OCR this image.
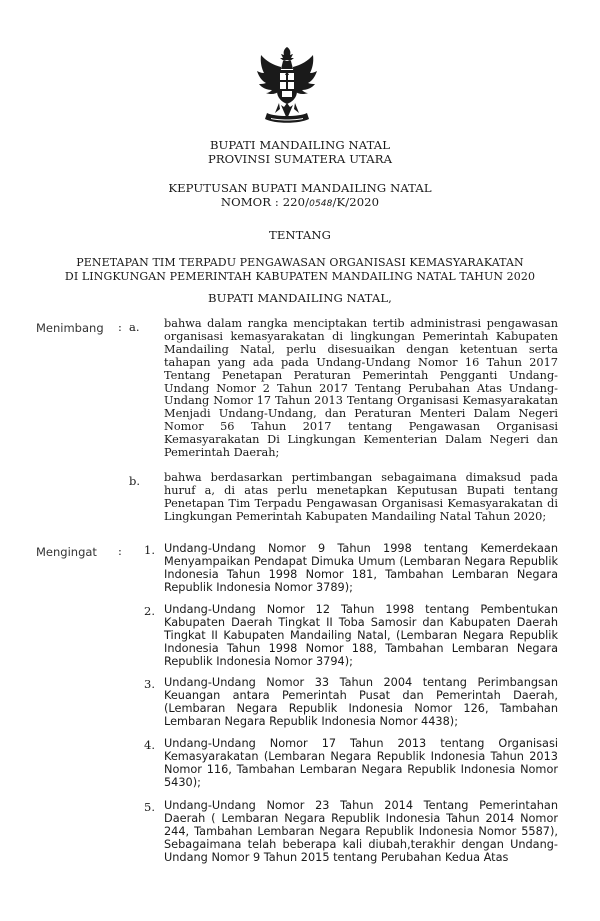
BUPATI MANDAILING NATAL
PROVINSI SUMATERA UTARA
KEPUTUSAN BUPATI MANDAILING NATAL
NOMOR : 220/0548/K/2020
TENTANG
PENETAPAN TIM TERPADU PENGAWASAN ORGANISASI KEMASYARAKATAN
DI LINGKUNGAN PEMERINTAH KABUPATEN MANDAILING NATAL TAHUN 2020
BUPATI MANDAILING NATAL,
Menimbang : a. bahwa dalam rangka menciptakan tertib administrasi pengawasan organisasi kemasyarakatan di lingkungan Pemerintah Kabupaten Mandailing Natal, perlu disesuaikan dengan ketentuan serta tahapan yang ada pada Undang-Undang Nomor 16 Tahun 2017 Tentang Penetapan Peraturan Pemerintah Pengganti Undang-Undang Nomor 2 Tahun 2017 Tentang Perubahan Atas Undang-Undang Nomor 17 Tahun 2013 Tentang Organisasi Kemasyarakatan Menjadi Undang-Undang, dan Peraturan Menteri Dalam Negeri Nomor 56 Tahun 2017 tentang Pengawasan Organisasi Kemasyarakatan Di Lingkungan Kementerian Dalam Negeri dan Pemerintah Daerah;
b. bahwa berdasarkan pertimbangan sebagaimana dimaksud pada huruf a, di atas perlu menetapkan Keputusan Bupati tentang Penetapan Tim Terpadu Pengawasan Organisasi Kemasyarakatan di Lingkungan Pemerintah Kabupaten Mandailing Natal Tahun 2020;
Mengingat : 1. Undang-Undang Nomor 9 Tahun 1998 tentang Kemerdekaan Menyampaikan Pendapat Dimuka Umum (Lembaran Negara Republik Indonesia Tahun 1998 Nomor 181, Tambahan Lembaran Negara Republik Indonesia Nomor 3789);
2. Undang-Undang Nomor 12 Tahun 1998 tentang Pembentukan Kabupaten Daerah Tingkat II Toba Samosir dan Kabupaten Daerah Tingkat II Kabupaten Mandailing Natal, (Lembaran Negara Republik Indonesia Tahun 1998 Nomor 188, Tambahan Lembaran Negara Republik Indonesia Nomor 3794);
3. Undang-Undang Nomor 33 Tahun 2004 tentang Perimbangsan Keuangan antara Pemerintah Pusat dan Pemerintah Daerah, (Lembaran Negara Republik Indonesia Nomor 126, Tambahan Lembaran Negara Republik Indonesia Nomor 4438);
4. Undang-Undang Nomor 17 Tahun 2013 tentang Organisasi Kemasyarakatan (Lembaran Negara Republik Indonesia Tahun 2013 Nomor 116, Tambahan Lembaran Negara Republik Indonesia Nomor 5430);
5. Undang-Undang Nomor 23 Tahun 2014 Tentang Pemerintahan Daerah ( Lembaran Negara Republik Indonesia Tahun 2014 Nomor 244, Tambahan Lembaran Negara Republik Indonesia Nomor 5587), Sebagaimana telah beberapa kali diubah,terakhir dengan Undang-Undang Nomor 9 Tahun 2015 tentang Perubahan Kedua Atas
